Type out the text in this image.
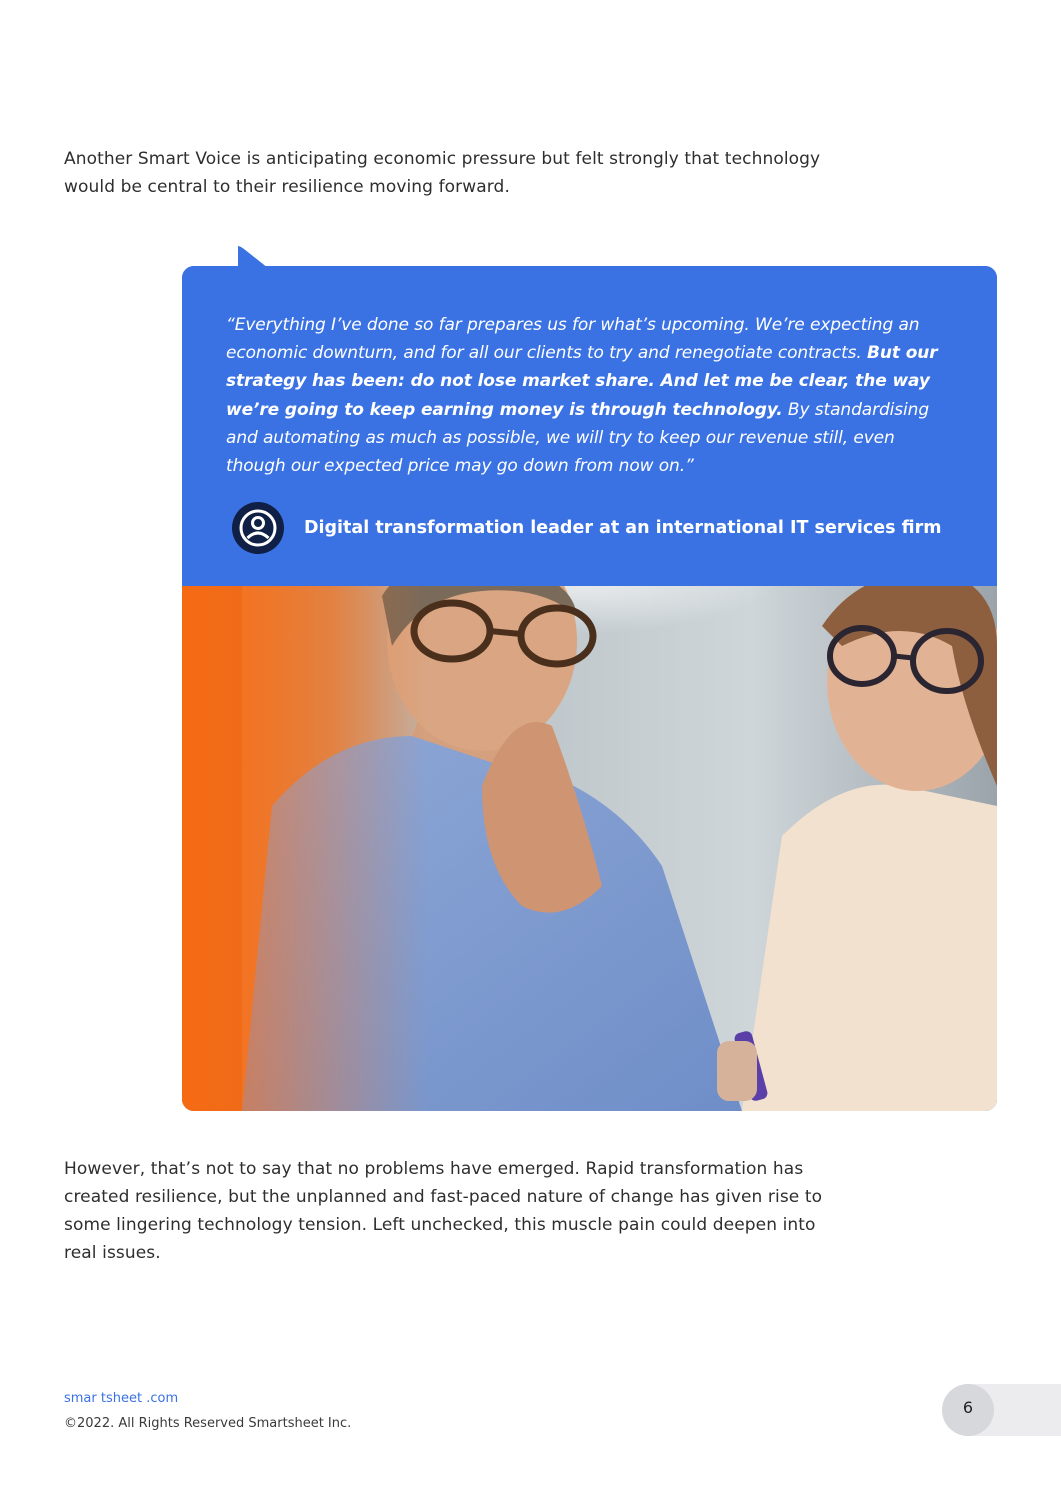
Another Smart Voice is anticipating economic pressure but felt strongly that technology would be central to their resilience moving forward.

“Everything I’ve done so far prepares us for what’s upcoming. We’re expecting an economic downturn, and for all our clients to try and renegotiate contracts. But our strategy has been: do not lose market share. And let me be clear, the way we’re going to keep earning money is through technology. By standardising and automating as much as possible, we will try to keep our revenue still, even though our expected price may go down from now on.”

Digital transformation leader at an international IT services firm

However, that’s not to say that no problems have emerged. Rapid transformation has created resilience, but the unplanned and fast-paced nature of change has given rise to some lingering technology tension. Left unchecked, this muscle pain could deepen into real issues.

smar tsheet .com
©2022. All Rights Reserved Smartsheet Inc.
6
